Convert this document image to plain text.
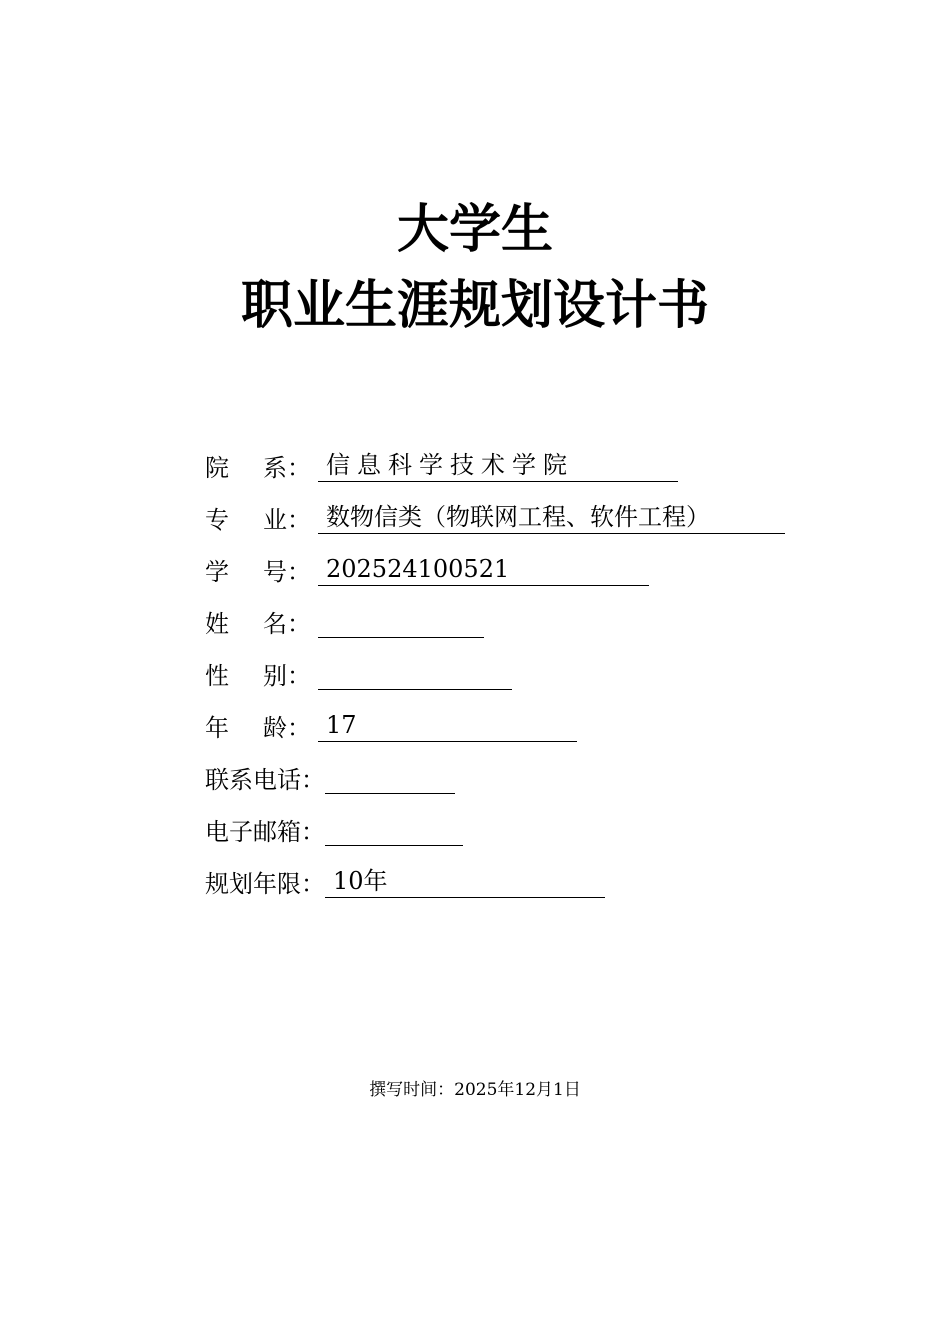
大学生
职业生涯规划设计书
院 系： 信息科学技术学院
专 业： 数物信类（物联网工程、软件工程）
学 号： 202524100521
姓 名：
性 别：
年 龄： 17
联系电话：
电子邮箱：
规划年限： 10年
撰写时间：2025年12月1日
